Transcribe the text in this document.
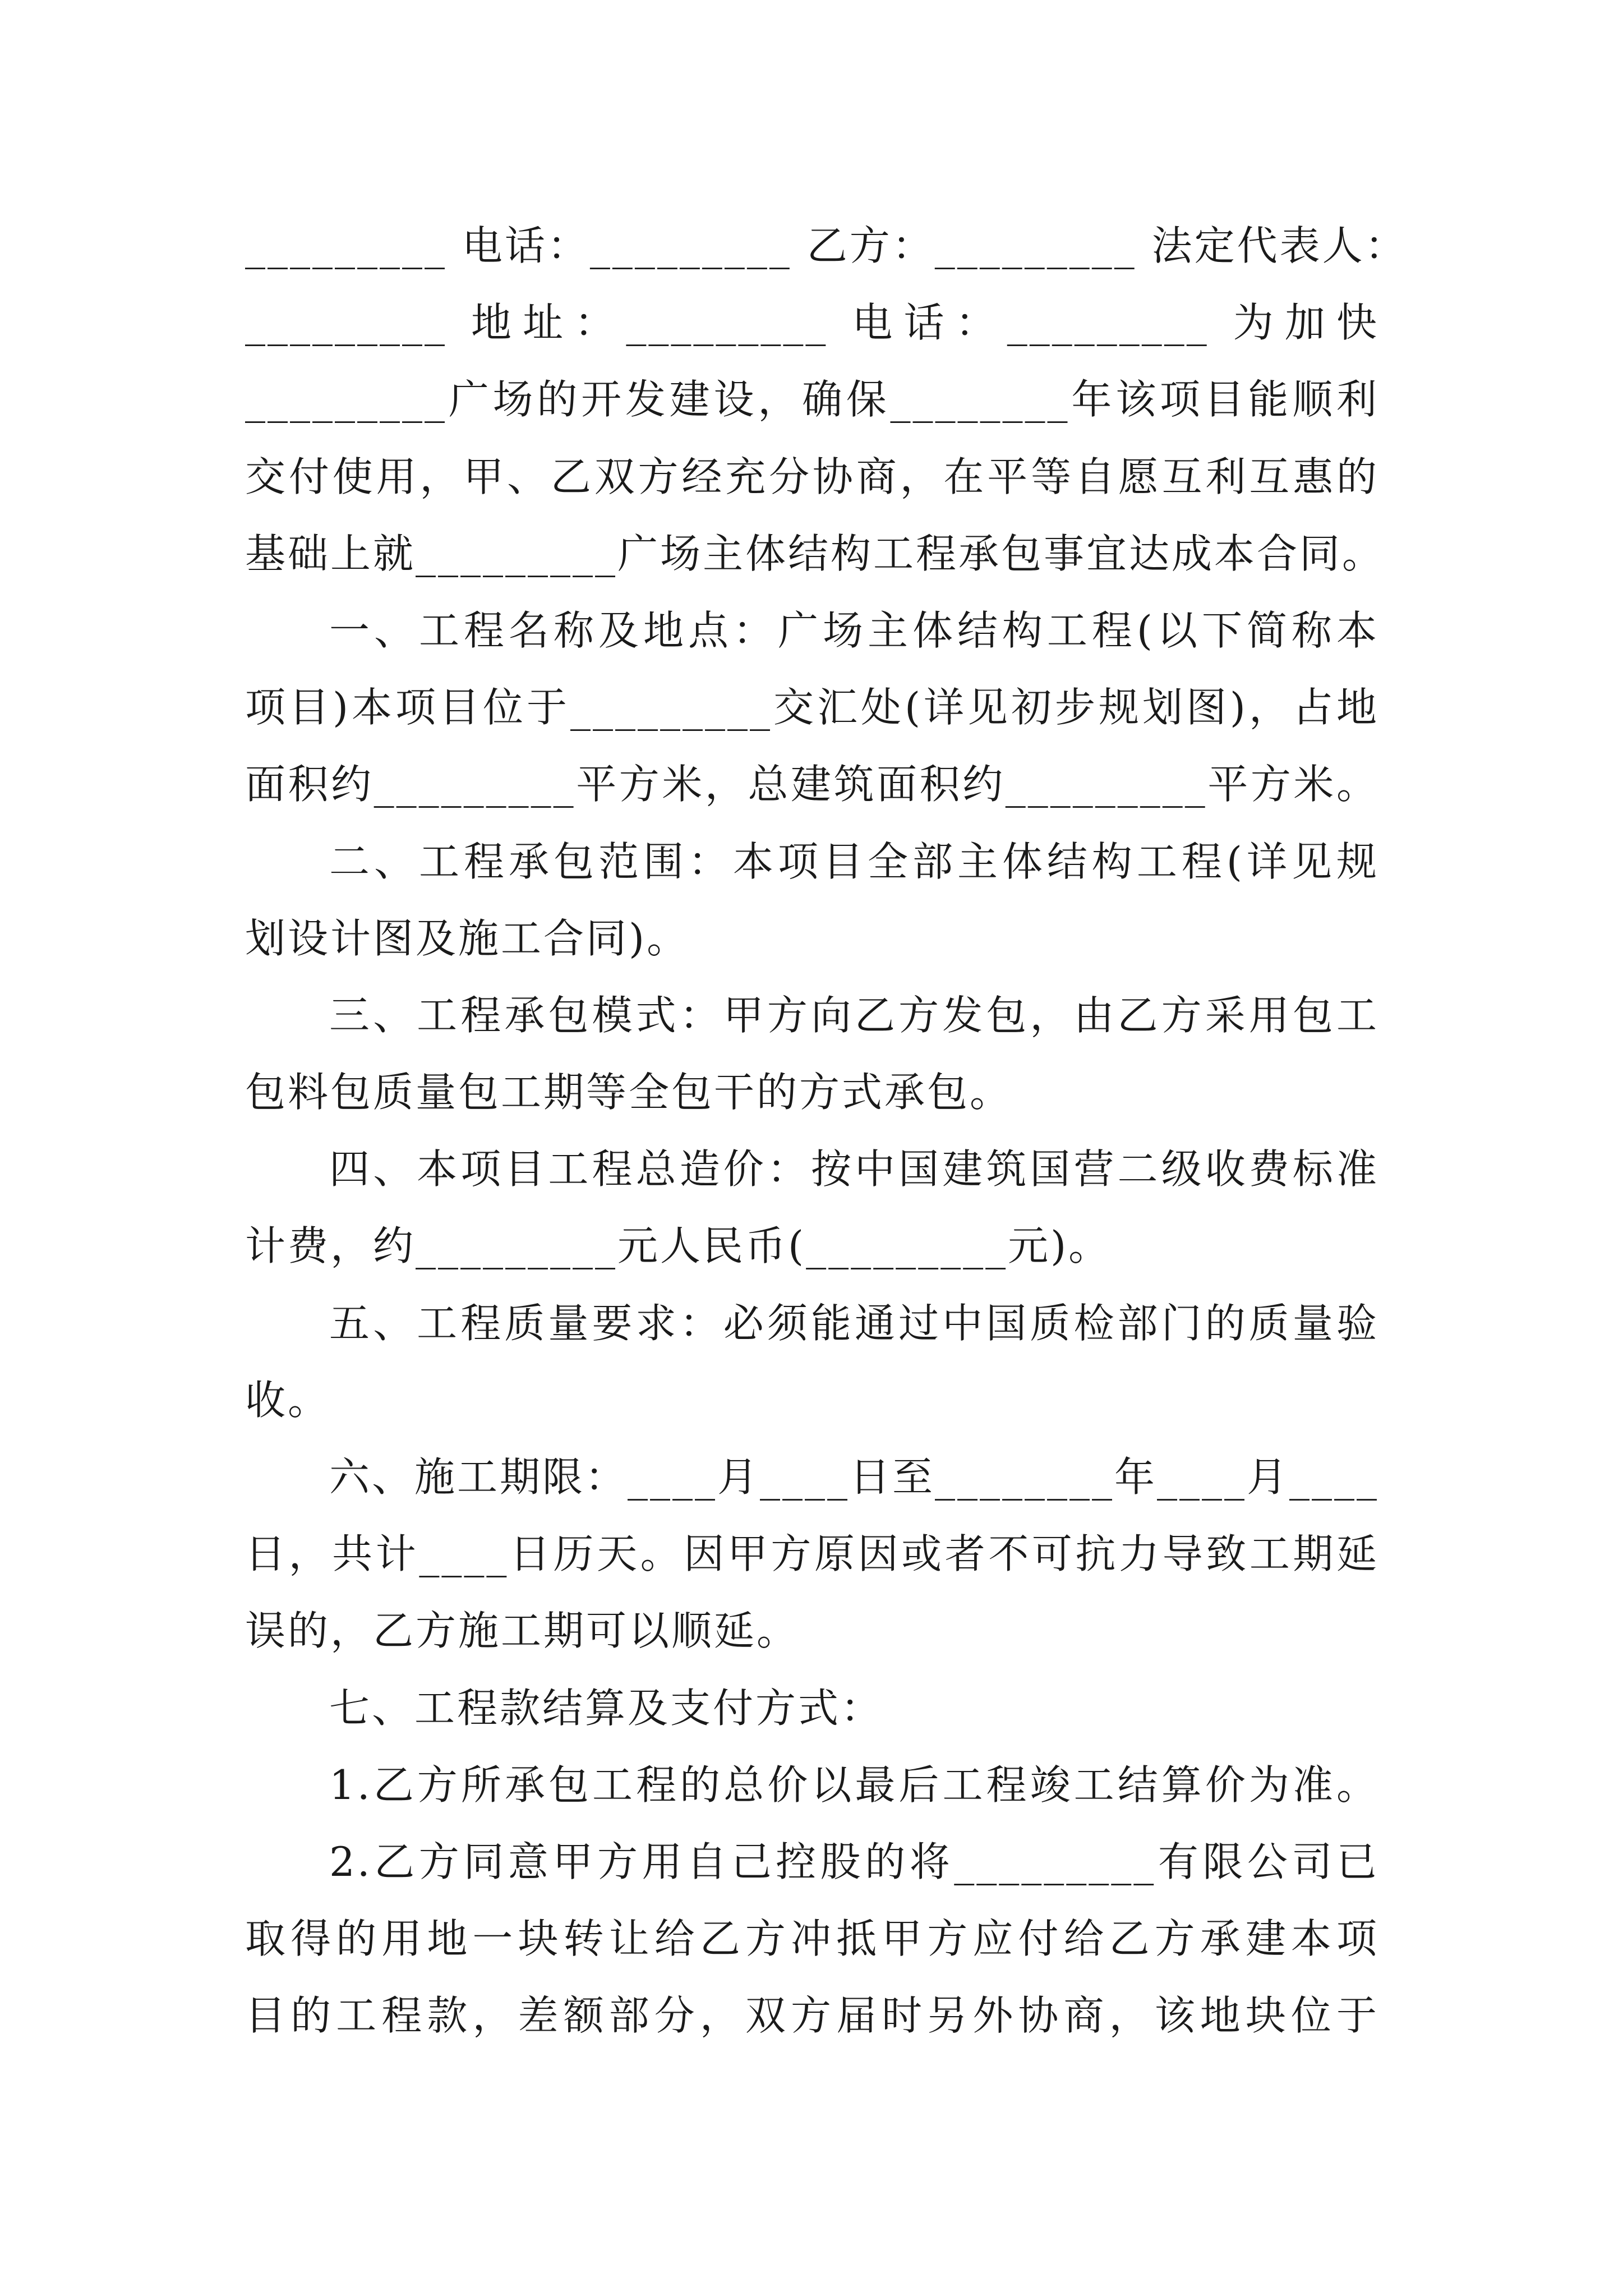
_________ 电话：_________ 乙方：_________ 法定代表人：
_________ 地址：_________ 电话：_________ 为加快
_________广场的开发建设，确保________年该项目能顺利
交付使用，甲、乙双方经充分协商，在平等自愿互利互惠的
基础上就_________广场主体结构工程承包事宜达成本合同。
一、工程名称及地点：广场主体结构工程(以下简称本
项目)本项目位于_________交汇处(详见初步规划图)，占地
面积约_________平方米，总建筑面积约_________平方米。
二、工程承包范围：本项目全部主体结构工程(详见规
划设计图及施工合同)。
三、工程承包模式：甲方向乙方发包，由乙方采用包工
包料包质量包工期等全包干的方式承包。
四、本项目工程总造价：按中国建筑国营二级收费标准
计费，约_________元人民币(_________元)。
五、工程质量要求：必须能通过中国质检部门的质量验
收。
六、施工期限：____月____日至________年____月____
日，共计____日历天。因甲方原因或者不可抗力导致工期延
误的，乙方施工期可以顺延。
七、工程款结算及支付方式：
1.乙方所承包工程的总价以最后工程竣工结算价为准。
2.乙方同意甲方用自己控股的将_________有限公司已
取得的用地一块转让给乙方冲抵甲方应付给乙方承建本项
目的工程款，差额部分，双方届时另外协商，该地块位于
